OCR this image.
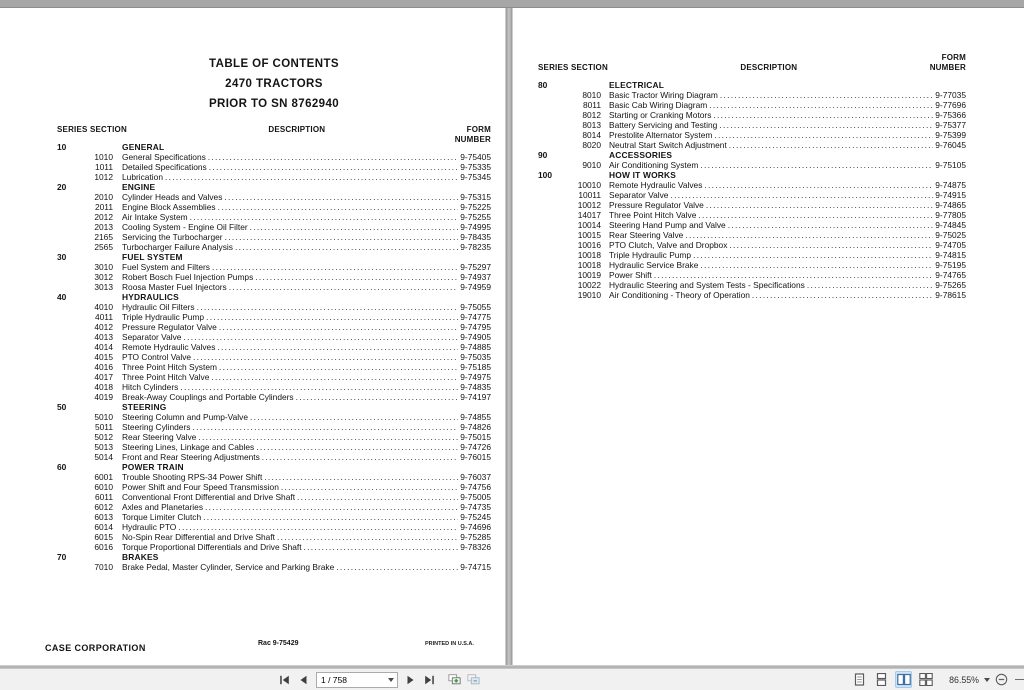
TABLE OF CONTENTS
2470 TRACTORS
PRIOR TO SN 8762940
SERIES SECTION	DESCRIPTION	FORM
NUMBER
10	GENERAL
1010 General Specifications .....	9-75405
1011 Detailed Specifications .....	9-75335
1012 Lubrication .....	9-75345
20	ENGINE
2010 Cylinder Heads and Valves .....	9-75315
2011 Engine Block Assemblies .....	9-75225
2012 Air Intake System .....	9-75255
2013 Cooling System - Engine Oil Filter .....	9-74995
2165 Servicing the Turbocharger .....	9-78435
2565 Turbocharger Failure Analysis .....	9-78235
30	FUEL SYSTEM
3010 Fuel System and Filters .....	9-75297
3012 Robert Bosch Fuel Injection Pumps .....	9-74937
3013 Roosa Master Fuel Injectors .....	9-74959
40	HYDRAULICS
4010 Hydraulic Oil Filters .....	9-75055
4011 Triple Hydraulic Pump .....	9-74775
4012 Pressure Regulator Valve .....	9-74795
4013 Separator Valve .....	9-74905
4014 Remote Hydraulic Valves .....	9-74885
4015 PTO Control Valve .....	9-75035
4016 Three Point Hitch System .....	9-75185
4017 Three Point Hitch Valve .....	9-74975
4018 Hitch Cylinders .....	9-74835
4019 Break-Away Couplings and Portable Cylinders .....	9-74197
50	STEERING
5010 Steering Column and Pump-Valve .....	9-74855
5011 Steering Cylinders .....	9-74826
5012 Rear Steering Valve .....	9-75015
5013 Steering Lines, Linkage and Cables .....	9-74726
5014 Front and Rear Steering Adjustments .....	9-76015
60	POWER TRAIN
6001 Trouble Shooting RPS-34 Power Shift .....	9-76037
6010 Power Shift and Four Speed Transmission .....	9-74756
6011 Conventional Front Differential and Drive Shaft .....	9-75005
6012 Axles and Planetaries .....	9-74735
6013 Torque Limiter Clutch .....	9-75245
6014 Hydraulic PTO .....	9-74696
6015 No-Spin Rear Differential and Drive Shaft .....	9-75285
6016 Torque Proportional Differentials and Drive Shaft .....	9-78326
70	BRAKES
7010 Brake Pedal, Master Cylinder, Service and Parking Brake .....	9-74715
CASE CORPORATION	Rac 9-75429	PRINTED IN U.S.A.
FORM
SERIES SECTION	DESCRIPTION	NUMBER
80	ELECTRICAL
8010 Basic Tractor Wiring Diagram .....	9-77035
8011 Basic Cab Wiring Diagram .....	9-77696
8012 Starting or Cranking Motors .....	9-75366
8013 Battery Servicing and Testing .....	9-75377
8014 Prestolite Alternator System .....	9-75399
8020 Neutral Start Switch Adjustment .....	9-76045
90	ACCESSORIES
9010 Air Conditioning System .....	9-75105
100	HOW IT WORKS
10010 Remote Hydraulic Valves .....	9-74875
10011 Separator Valve .....	9-74915
10012 Pressure Regulator Valve .....	9-74865
14017 Three Point Hitch Valve .....	9-77805
10014 Steering Hand Pump and Valve .....	9-74845
10015 Rear Steering Valve .....	9-75025
10016 PTO Clutch, Valve and Dropbox .....	9-74705
10018 Triple Hydraulic Pump .....	9-74815
10018 Hydraulic Service Brake .....	9-75195
10019 Power Shift .....	9-74765
10022 Hydraulic Steering and System Tests - Specifications .....	9-75265
19010 Air Conditioning - Theory of Operation .....	9-78615
1 / 758
86.55%
